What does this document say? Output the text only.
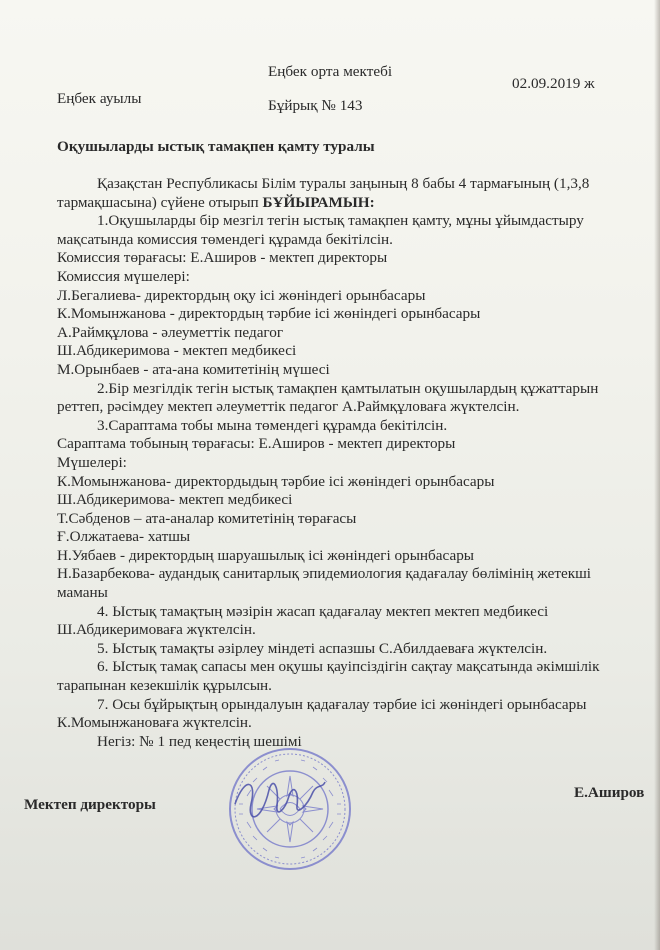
Еңбек орта мектебі
02.09.2019 ж
Еңбек ауылы	Бұйрық № 143
Оқушыларды ыстық тамақпен қамту туралы

Қазақстан Республикасы Білім туралы заңының 8 бабы 4 тармағының (1,3,8

тармақшасына) сүйене отырып БҰЙЫРАМЫН:

1.Оқушыларды бір мезгіл тегін ыстық тамақпен қамту, мұны ұйымдастыру

мақсатында комиссия төмендегі құрамда бекітілсін.

Комиссия төрағасы: Е.Аширов - мектеп директоры

Комиссия мүшелері:

Л.Бегалиева- директордың оқу ісі жөніндегі орынбасары

К.Момынжанова - директордың тәрбие ісі жөніндегі орынбасары

А.Раймқұлова - әлеуметтік педагог

Ш.Абдикеримова - мектеп медбикесі

М.Орынбаев - ата-ана комитетінің мүшесі

2.Бір мезгілдік тегін ыстық тамақпен қамтылатын оқушылардың құжаттарын

реттеп, рәсімдеу мектеп әлеуметтік педагог А.Раймқұловаға жүктелсін.

3.Сараптама тобы мына төмендегі құрамда бекітілсін.

Сараптама тобының төрағасы: Е.Аширов - мектеп директоры

Мүшелері:

К.Момынжанова- директордыдың тәрбие ісі жөніндегі орынбасары

Ш.Абдикеримова- мектеп медбикесі

Т.Сәбденов – ата-аналар комитетінің төрағасы

Ғ.Олжатаева- хатшы

Н.Уябаев - директордың шаруашылық ісі жөніндегі орынбасары

Н.Базарбекова- аудандық санитарлық эпидемиология қадағалау бөлімінің жетекші

маманы

4. Ыстық тамақтың мәзірін жасап қадағалау мектеп мектеп медбикесі

Ш.Абдикеримоваға жүктелсін.

5. Ыстық тамақты әзірлеу міндеті аспазшы С.Абилдаеваға жүктелсін.

6. Ыстық тамақ сапасы мен оқушы қауіпсіздігін сақтау мақсатында әкімшілік

тарапынан кезекшілік құрылсын.

7. Осы бұйрықтың орындалуын қадағалау тәрбие ісі жөніндегі орынбасары

К.Момынжановаға жүктелсін.

Негіз: № 1 пед кеңестің шешімі

Мектеп директоры
Е.Аширов
